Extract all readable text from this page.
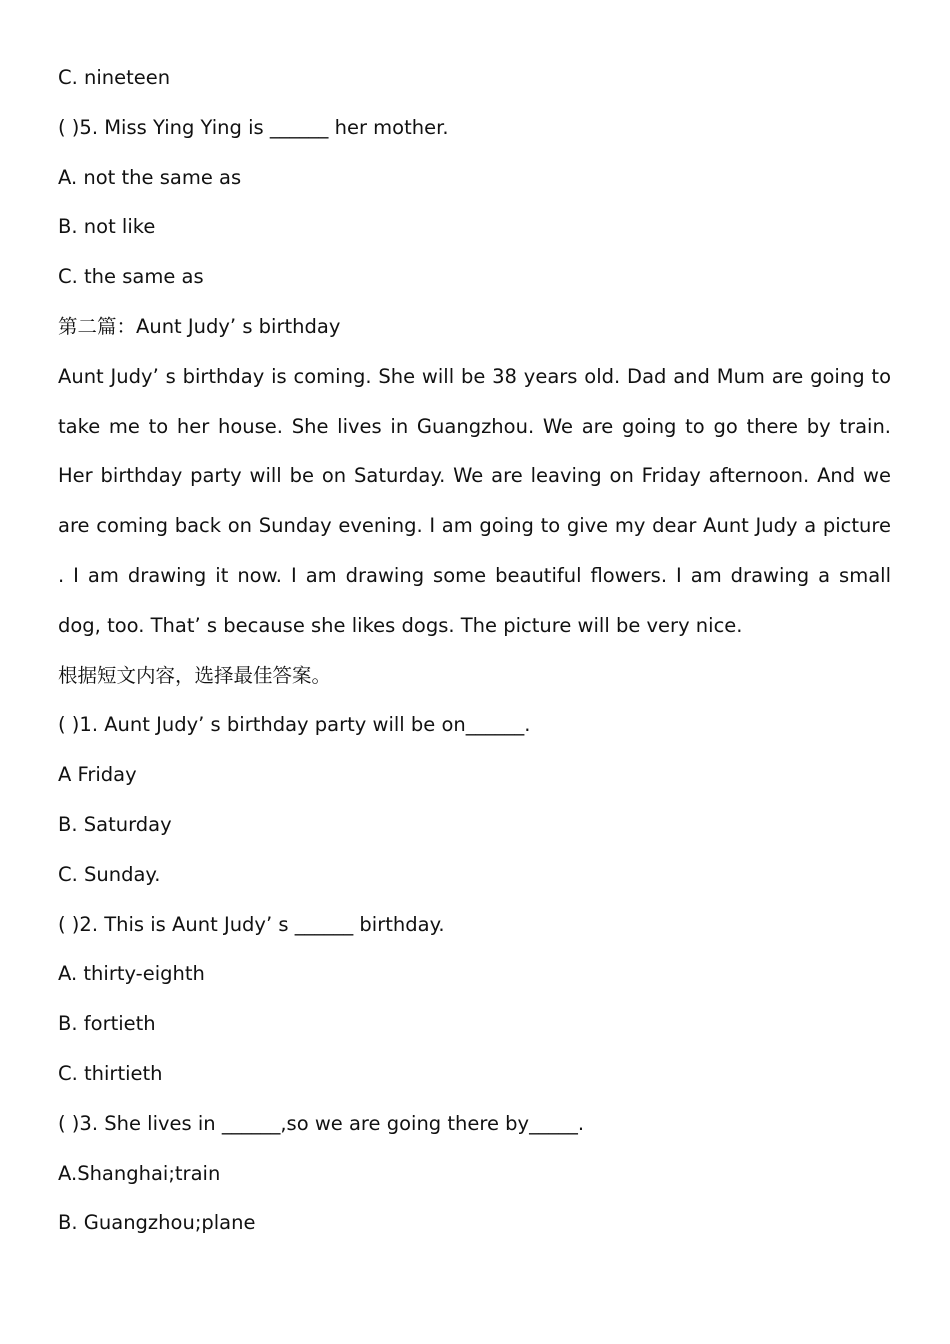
C. nineteen
( )5. Miss Ying Ying is ______ her mother.
A. not the same as
B. not like
C. the same as
第二篇：Aunt Judy’ s birthday

Aunt Judy’ s birthday is coming. She will be 38 years old. Dad and Mum are going to take me to her house. She lives in Guangzhou. We are going to go there by train. Her birthday party will be on Saturday. We are leaving on Friday afternoon. And we are coming back on Sunday evening. I am going to give my dear Aunt Judy a picture . I am drawing it now. I am drawing some beautiful flowers. I am drawing a small dog, too. That’ s because she likes dogs. The picture will be very nice.

根据短文内容，选择最佳答案。
( )1. Aunt Judy’ s birthday party will be on______.
A Friday
B. Saturday
C. Sunday.
( )2. This is Aunt Judy’ s ______ birthday.
A. thirty-eighth
B. fortieth
C. thirtieth
( )3. She lives in ______,so we are going there by_____.
A.Shanghai;train
B. Guangzhou;plane
